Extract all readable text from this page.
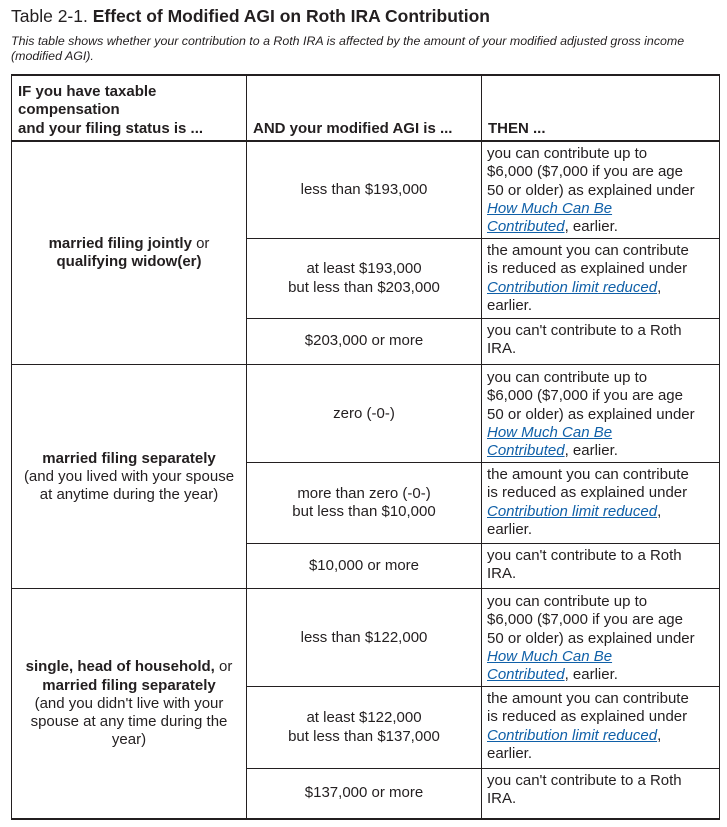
Table 2-1. Effect of Modified AGI on Roth IRA Contribution
This table shows whether your contribution to a Roth IRA is affected by the amount of your modified adjusted gross income (modified AGI).
IF you have taxable
compensation
and your filing status is ...	AND your modified AGI is ...	THEN ...
married filing jointly or
qualifying widow(er)
less than $193,000
you can contribute up to
$6,000 ($7,000 if you are age
50 or older) as explained under
How Much Can Be
Contributed, earlier.
at least $193,000
but less than $203,000
the amount you can contribute
is reduced as explained under
Contribution limit reduced,
earlier.
$203,000 or more
you can't contribute to a Roth
IRA.
married filing separately
(and you lived with your spouse
at anytime during the year)
zero (-0-)
you can contribute up to
$6,000 ($7,000 if you are age
50 or older) as explained under
How Much Can Be
Contributed, earlier.
more than zero (-0-)
but less than $10,000
the amount you can contribute
is reduced as explained under
Contribution limit reduced,
earlier.
$10,000 or more
you can't contribute to a Roth
IRA.
single, head of household, or
married filing separately
(and you didn't live with your
spouse at any time during the
year)
less than $122,000
you can contribute up to
$6,000 ($7,000 if you are age
50 or older) as explained under
How Much Can Be
Contributed, earlier.
at least $122,000
but less than $137,000
the amount you can contribute
is reduced as explained under
Contribution limit reduced,
earlier.
$137,000 or more
you can't contribute to a Roth
IRA.
